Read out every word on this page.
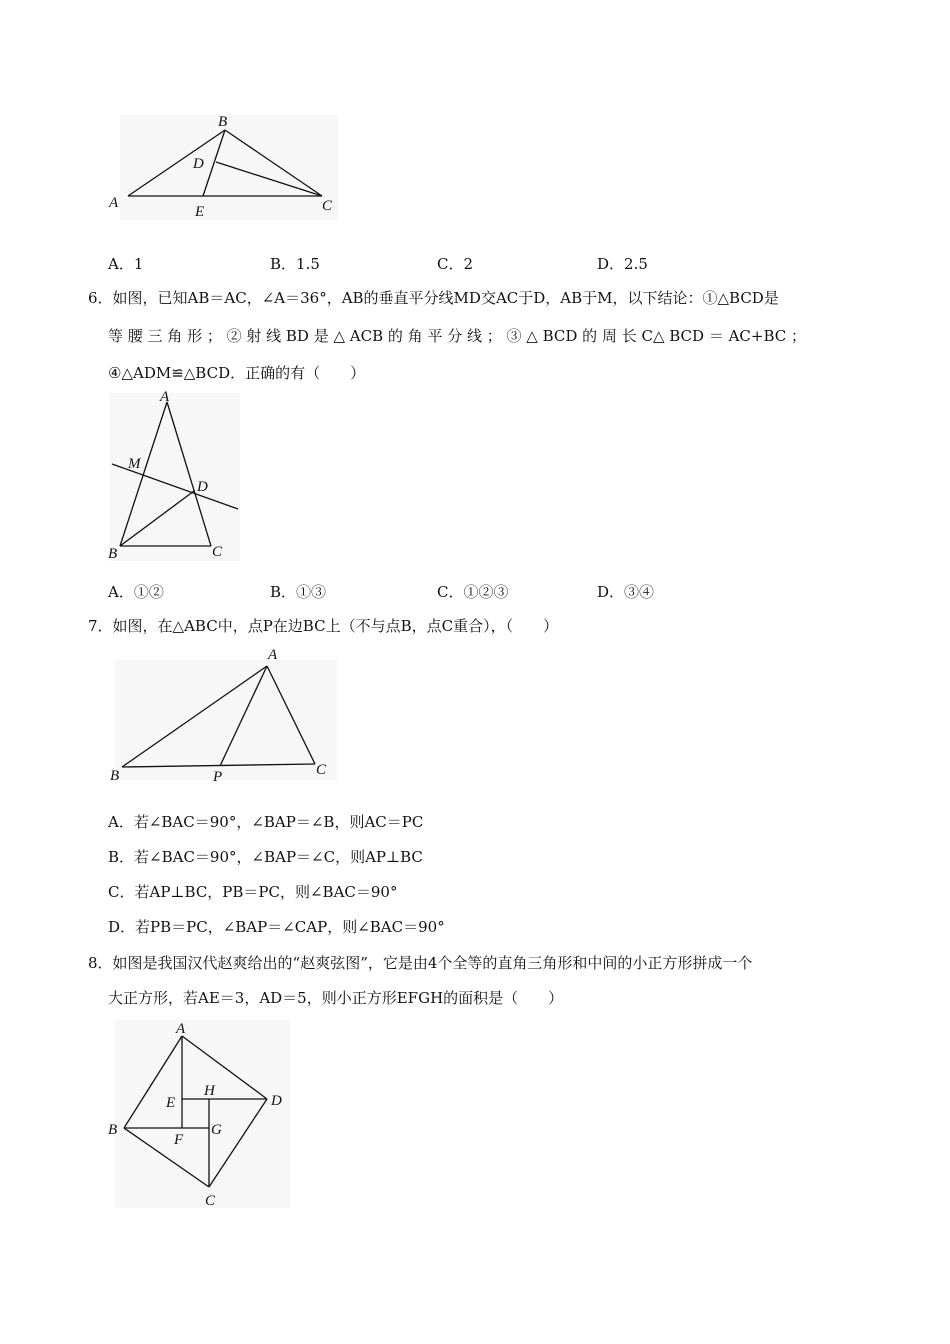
A
B
C
D
E
A．1	B．1.5	C．2	D．2.5
6．如图，已知AB＝AC，∠A＝36°，AB的垂直平分线MD交AC于D，AB于M，以下结论：①△BCD是
等 腰 三 角 形 ； ② 射 线 BD 是 △ ACB 的 角 平 分 线 ； ③ △ BCD 的 周 长 C△ BCD ＝ AC+BC ；
④△ADM≌△BCD．正确的有（　　）
A
M
D
B	C
A．①②	B．①③	C．①②③	D．③④
7．如图，在△ABC中，点P在边BC上（不与点B，点C重合），（　　）
A
B	P	C
A．若∠BAC＝90°，∠BAP＝∠B，则AC＝PC
B．若∠BAC＝90°，∠BAP＝∠C，则AP⊥BC
C．若AP⊥BC，PB＝PC，则∠BAC＝90°
D．若PB＝PC，∠BAP＝∠CAP，则∠BAC＝90°
8．如图是我国汉代赵爽给出的“赵爽弦图”，它是由4个全等的直角三角形和中间的小正方形拼成一个
大正方形，若AE＝3，AD＝5，则小正方形EFGH的面积是（　　）
A
E
H
D
B
F
G
C
